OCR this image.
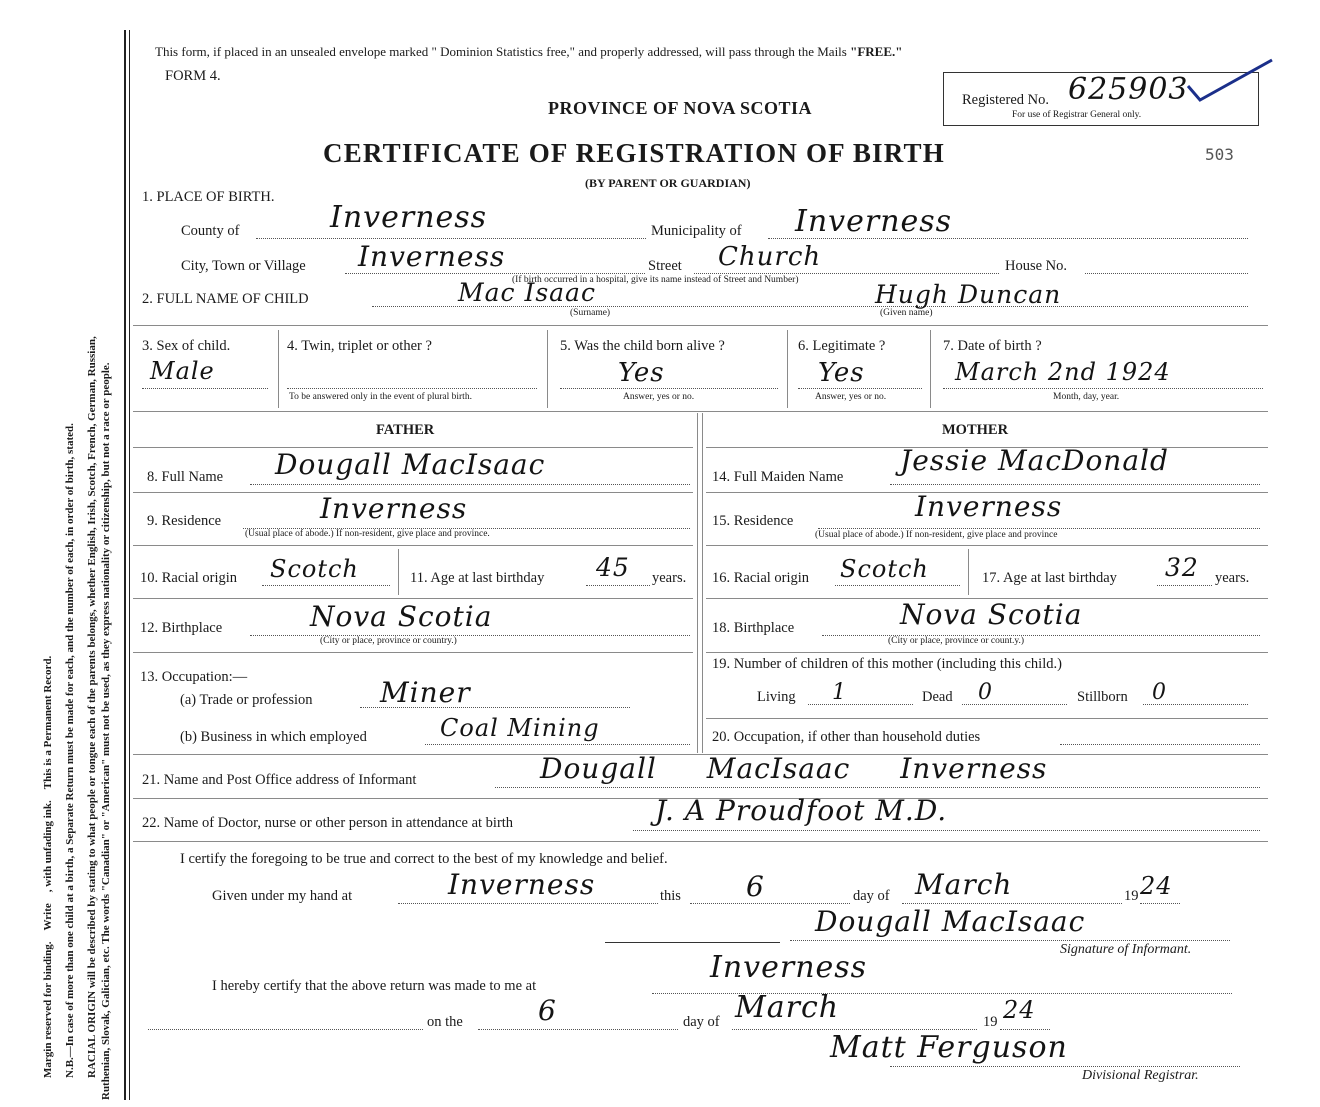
Margin reserved for binding.    Write    , with unfading ink.    This is a Permanent Record. N.B.—In case of more than one child at a birth, a Separate Return must be made for each, and the number of each, in order of birth, stated. RACIAL ORIGIN will be described by stating to what people or tongue each of the parents belongs, whether English, Irish, Scotch, French, German, Russian, Ruthenian, Slovak, Galician, etc. The words "Canadian" or "American" must not be used, as they express nationality or citizenship, but not a race or people.
This form, if placed in an unsealed envelope marked " Dominion Statistics free," and properly addressed, will pass through the Mails "FREE."
FORM 4.
PROVINCE OF NOVA SCOTIA
CERTIFICATE OF REGISTRATION OF BIRTH
(BY PARENT OR GUARDIAN)
Registered No. 625903
For use of Registrar General only.
503
1. PLACE OF BIRTH.
County of	Inverness	Municipality of Inverness
City, Town or Village Inverness	Street Church	House No.
(If birth occurred in a hospital, give its name instead of Street and Number)
2. FULL NAME OF CHILD	Mac Isaac	Hugh Duncan
(Surname)	(Given name)
3. Sex of child.
Male
4. Twin, triplet or other ?
To be answered only in the event of plural birth.
5. Was the child born alive ?
Yes
Answer, yes or no.
6. Legitimate ?
Yes
Answer, yes or no.
7. Date of birth ?
March 2nd 1924
Month, day, year.
FATHER	MOTHER
8. Full Name Dougall MacIsaac
9. Residence	Inverness
(Usual place of abode.) If non-resident, give place and province.
10. Racial origin Scotch	11. Age at last birthday 45 years.
12. Birthplace	Nova Scotia
(City or place, province or country.)
13. Occupation:—
(a) Trade or profession Miner
(b) Business in which employed	Coal Mining
14. Full Maiden Name Jessie MacDonald
15. Residence	Inverness
(Usual place of abode.) If non-resident, give place and province
16. Racial origin Scotch	17. Age at last birthday 32 years.
18. Birthplace	Nova Scotia
(City or place, province or count.y.)
19. Number of children of this mother (including this child.)
Living 1	Dead 0	Stillborn 0
20. Occupation, if other than household duties
21. Name and Post Office address of Informant	Dougall MacIsaac Inverness
22. Name of Doctor, nurse or other person in attendance at birth	J. A Proudfoot M.D.
I certify the foregoing to be true and correct to the best of my knowledge and belief.
Given under my hand at	Inverness	this 6	day of March	19 24
Dougall MacIsaac
Signature of Informant.
I hereby certify that the above return was made to me at
Inverness
on the	6	day of March	19 24
Matt Ferguson
Divisional Registrar.
